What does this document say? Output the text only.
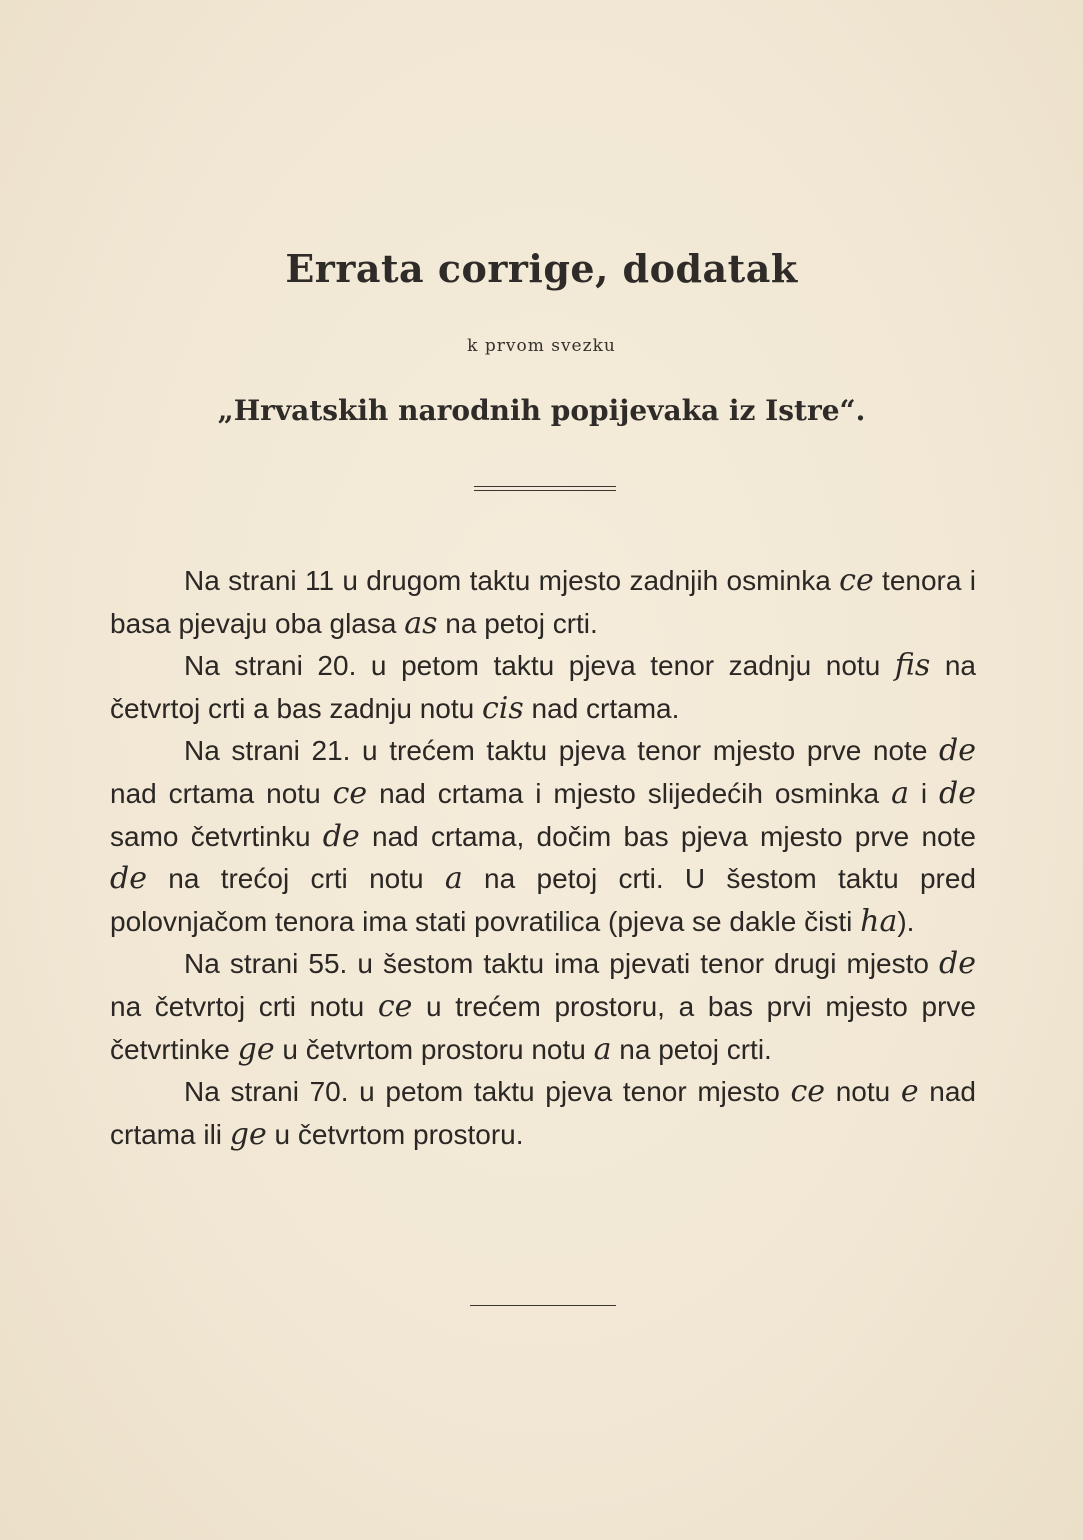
Errata corrige, dodatak
k prvom svezku
„Hrvatskih narodnih popijevaka iz Istre“.

Na strani 11 u drugom taktu mjesto zadnjih osminka ce tenora i basa pjevaju oba glasa as na petoj crti.

Na strani 20. u petom taktu pjeva tenor zadnju notu fis na četvrtoj crti a bas zadnju notu cis nad crtama.

Na strani 21. u trećem taktu pjeva tenor mjesto prve note de nad crtama notu ce nad crtama i mjesto slijedećih osminka a i de samo četvrtinku de nad crtama, dočim bas pjeva mjesto prve note de na trećoj crti notu a na petoj crti. U šestom taktu pred polovnjačom tenora ima stati povratilica (pjeva se dakle čisti ha).

Na strani 55. u šestom taktu ima pjevati tenor drugi mjesto de na četvrtoj crti notu ce u trećem prostoru, a bas prvi mjesto prve četvrtinke ge u četvrtom prostoru notu a na petoj crti.

Na strani 70. u petom taktu pjeva tenor mjesto ce notu e nad crtama ili ge u četvrtom prostoru.
